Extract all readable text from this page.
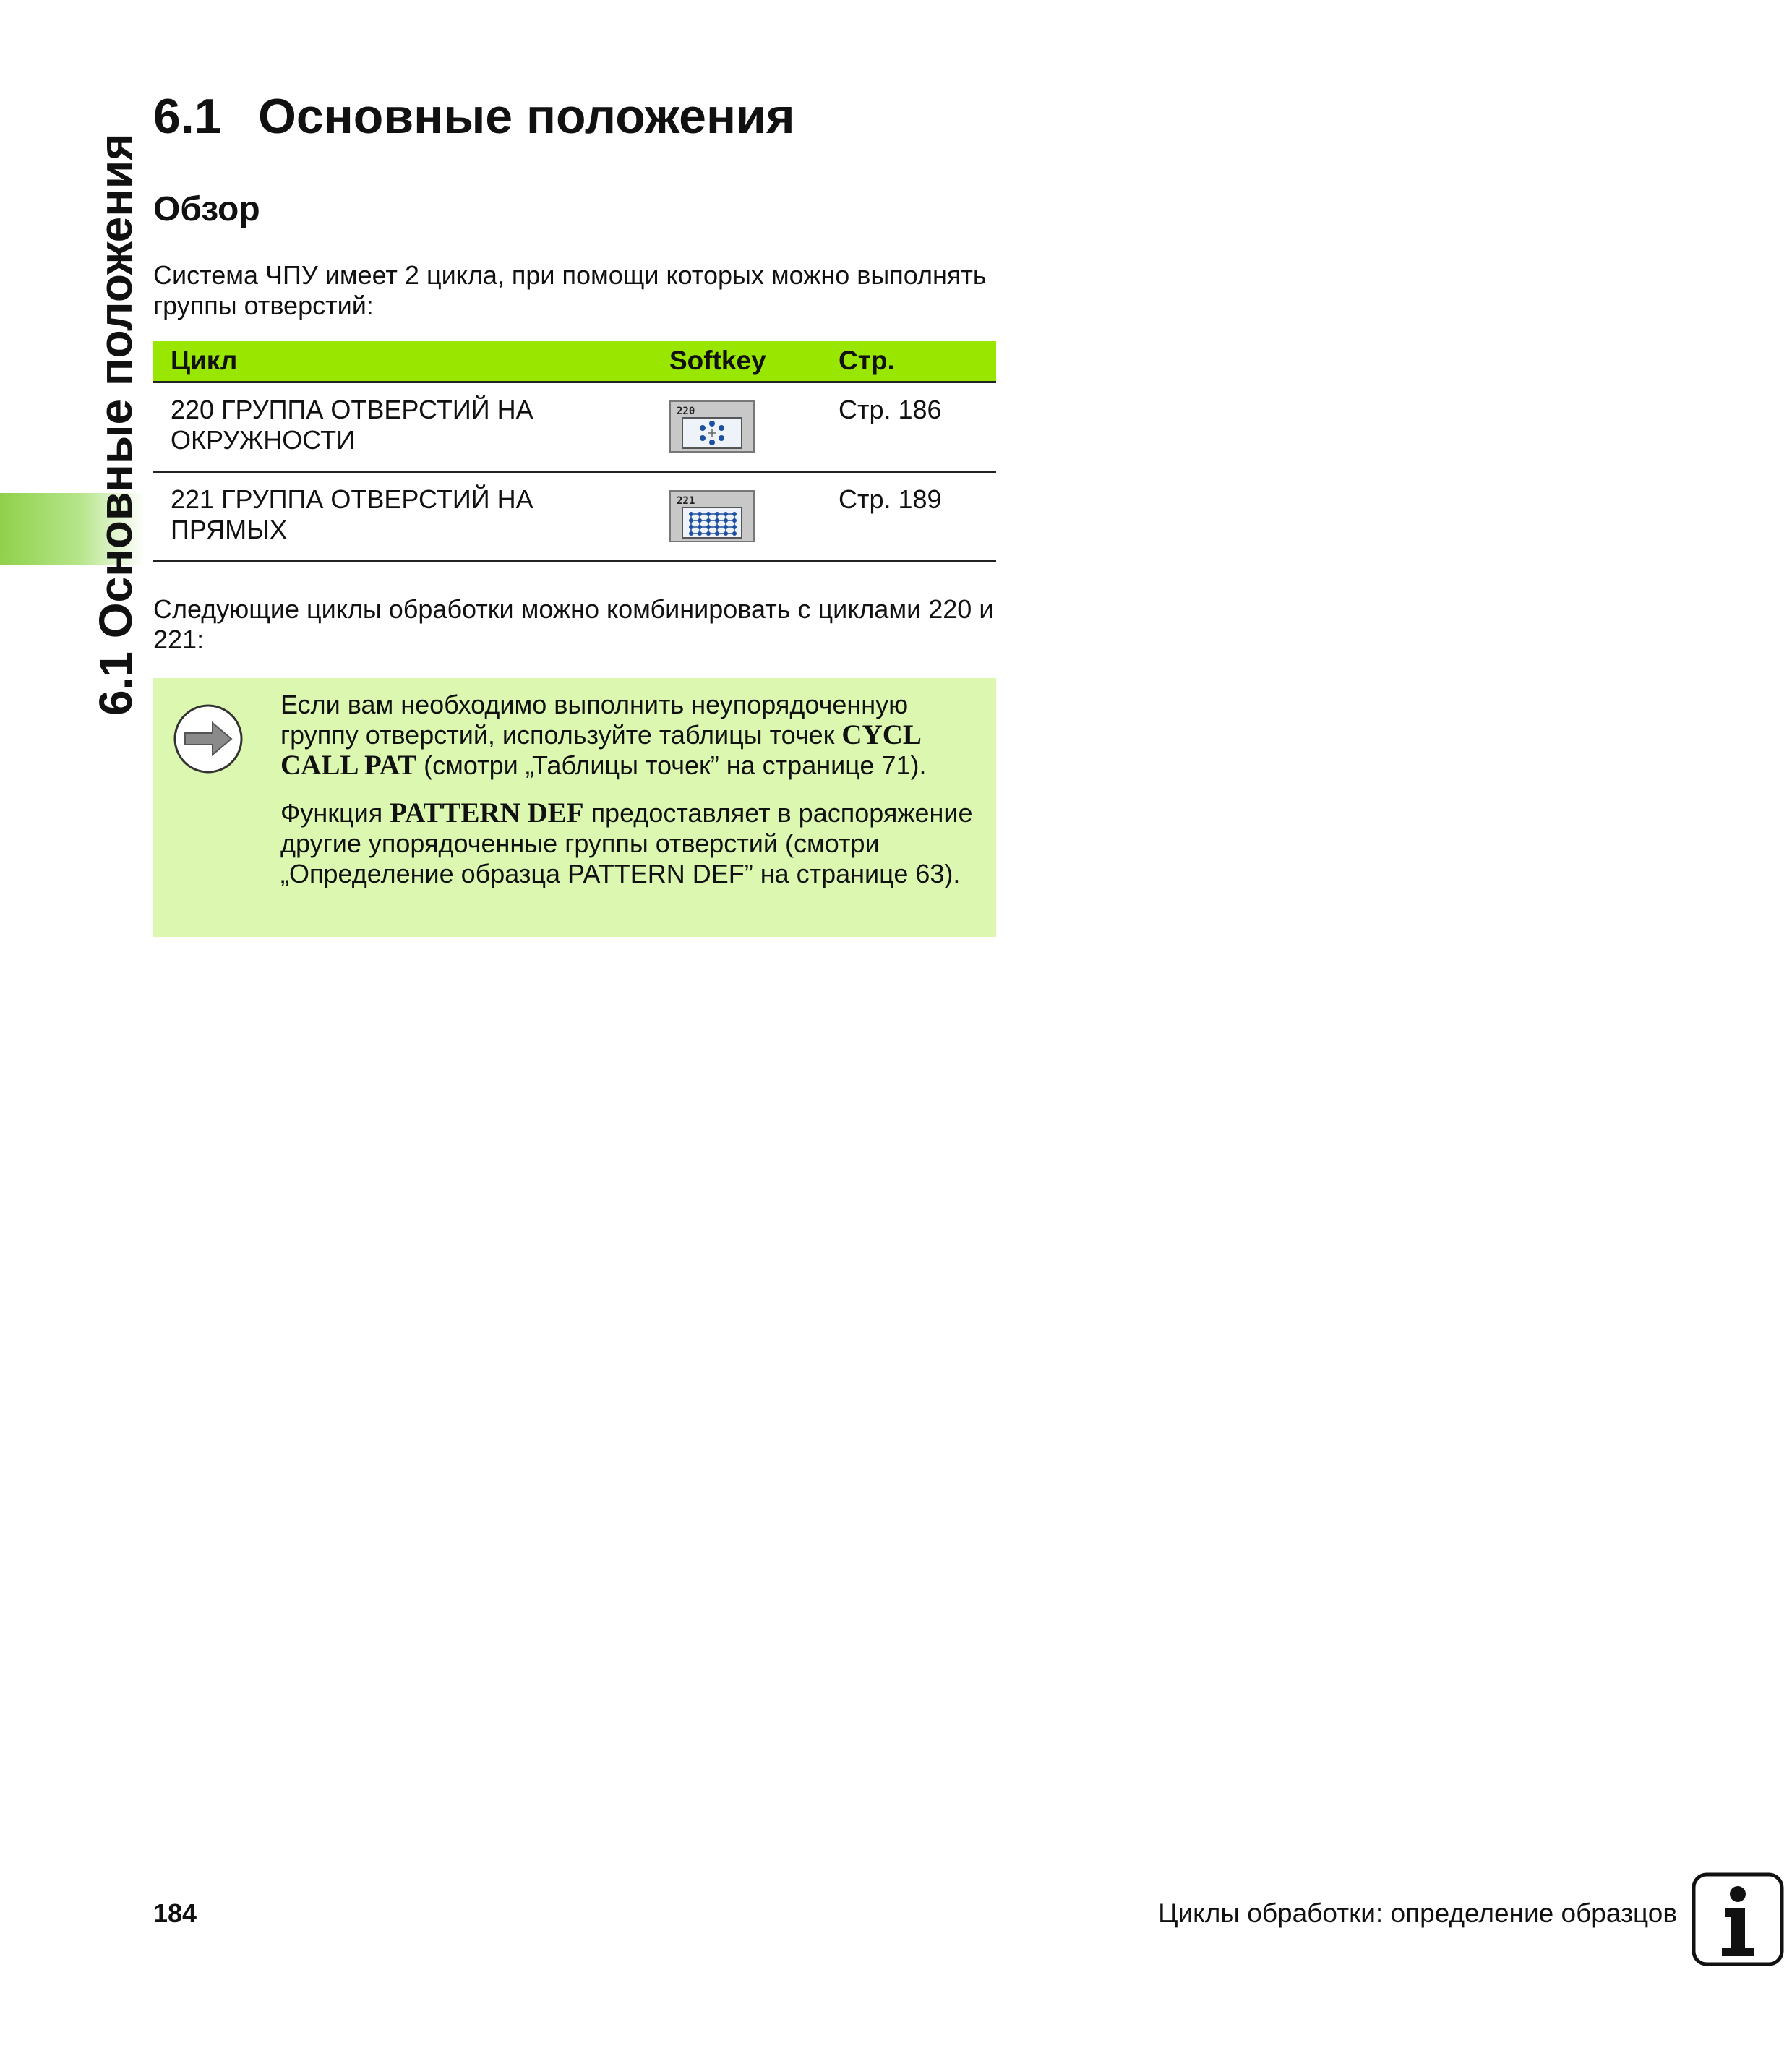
6.1 Основные положения
6.1 Основные положения
Обзор

Система ЧПУ имеет 2 цикла, при помощи которых можно выполнять группы отверстий:

Цикл	Softkey	Стр.
220 ГРУППА ОТВЕРСТИЙ НА
ОКРУЖНОСТИ	220	Стр. 186
221 ГРУППА ОТВЕРСТИЙ НА
ПРЯМЫХ	221	Стр. 189

Следующие циклы обработки можно комбинировать с циклами 220 и 221:

Если вам необходимо выполнить неупорядоченную группу отверстий, используйте таблицы точек CYCL CALL PAT (смотри „Таблицы точек” на странице 71).

Функция PATTERN DEF предоставляет в распоряжение другие упорядоченные группы отверстий (смотри „Определение образца PATTERN DEF” на странице 63).

184	Циклы обработки: определение образцов
